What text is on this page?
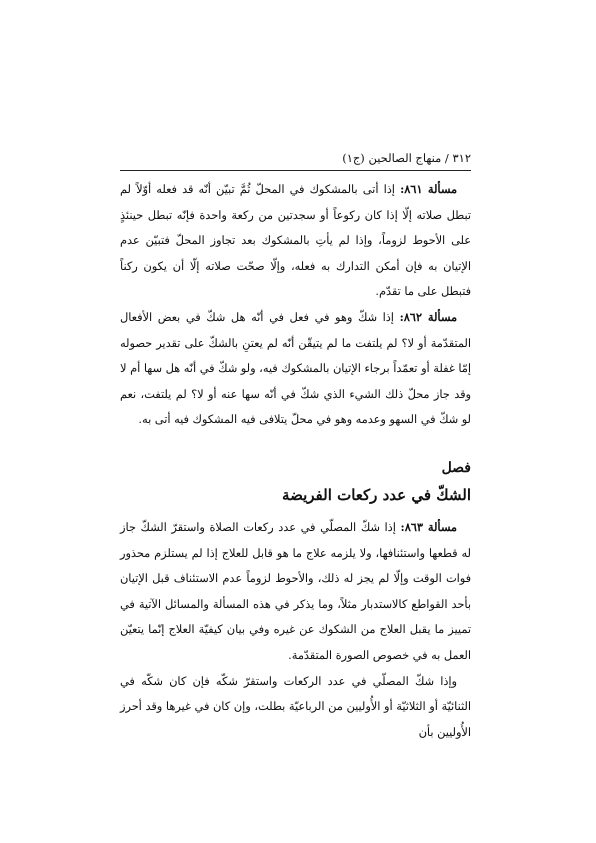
٣١٢ / منهاج الصالحين (ج١)

مسألة ٨٦١: إذا أتى بالمشكوك في المحلّ ثُمَّ تبيّن أنّه قد فعله أوّلاً لم تبطل صلاته إلّا إذا كان ركوعاً أو سجدتين من ركعة واحدة فإنّه تبطل حينئذٍ على الأحوط لزوماً، وإذا لم يأتِ بالمشكوك بعد تجاوز المحلّ فتبيّن عدم الإتيان به فإن أمكن التدارك به فعله، وإلّا صحّت صلاته إلّا أن يكون ركناً فتبطل على ما تقدّم.

مسألة ٨٦٢: إذا شكّ وهو في فعل في أنّه هل شكّ في بعض الأفعال المتقدّمة أو لا؟ لم يلتفت ما لم يتيقّن أنّه لم يعتنِ بالشكّ على تقدير حصوله إمّا غفلة أو تعمّداً برجاء الإتيان بالمشكوك فيه، ولو شكّ في أنّه هل سها أم لا وقد جاز محلّ ذلك الشيء الذي شكّ في أنّه سها عنه أو لا؟ لم يلتفت، نعم لو شكّ في السهو وعدمه وهو في محلّ يتلافى فيه المشكوك فيه أتى به.

فصل

الشكّ في عدد ركعات الفريضة

مسألة ٨٦٣: إذا شكّ المصلّي في عدد ركعات الصلاة واستقرّ الشكّ جاز له قطعها واستئنافها، ولا يلزمه علاج ما هو قابل للعلاج إذا لم يستلزم محذور فوات الوقت وإلّا لم يجز له ذلك، والأحوط لزوماً عدم الاستئناف قبل الإتيان بأحد القواطع كالاستدبار مثلاً، وما يذكر في هذه المسألة والمسائل الآتية في تمييز ما يقبل العلاج من الشكوك عن غيره وفي بيان كيفيّة العلاج إنّما يتعيّن العمل به في خصوص الصورة المتقدّمة.

وإذا شكّ المصلّي في عدد الركعات واستقرّ شكّه فإن كان شكّه في الثنائيّة أو الثلاثيّة أو الأُوليين من الرباعيّة بطلت، وإن كان في غيرها وقد أحرز الأُوليين بأن
